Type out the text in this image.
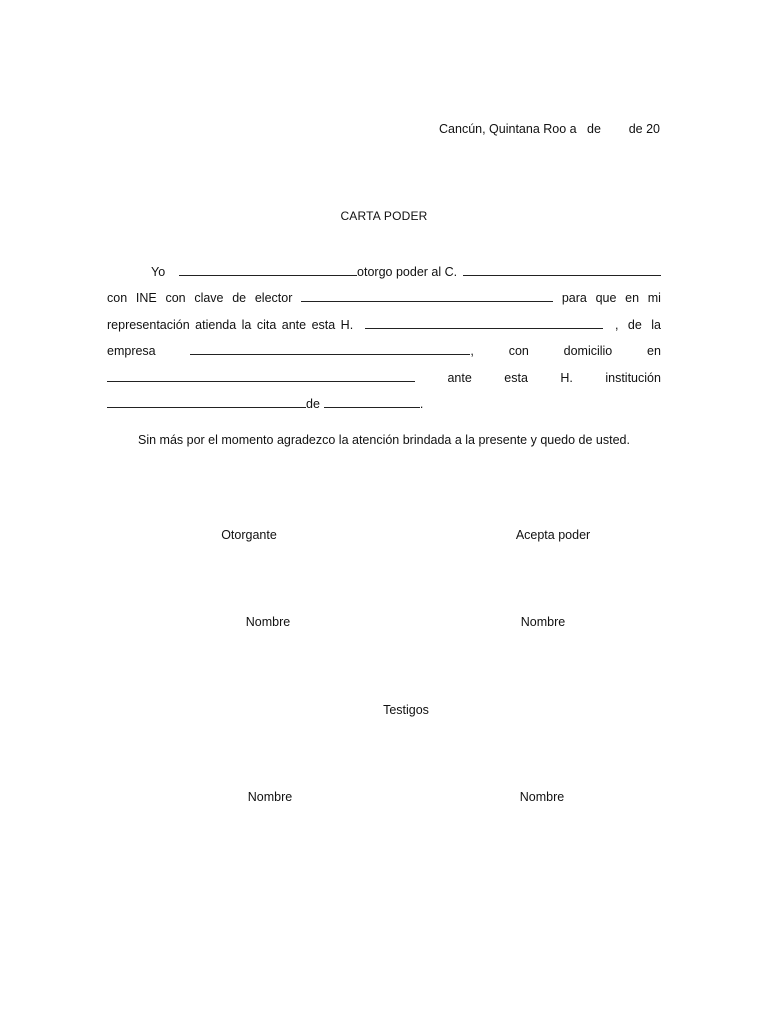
Cancún, Quintana Roo a   de        de 20
CARTA PODER
Yo	otorgo poder al C.
con INE con clave de elector	para que en mi
representación atienda la cita ante esta H.	, de la
empresa	,	con	domicilio	en
ante	esta	H.	institución
de	.
Sin más por el momento agradezco la atención brindada a la presente y quedo de usted.
Otorgante	Acepta poder
Nombre	Nombre
Testigos
Nombre	Nombre
